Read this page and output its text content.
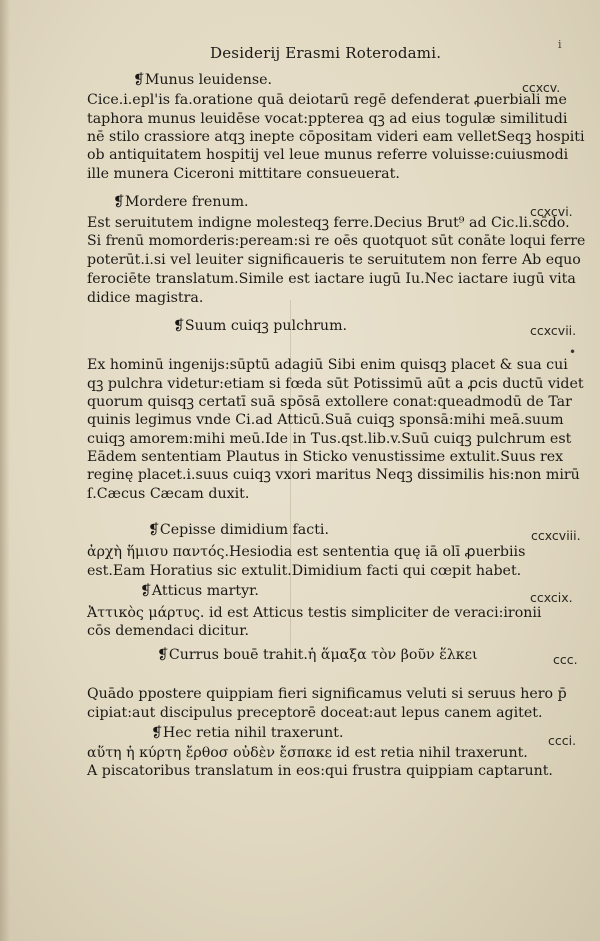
Desiderij Erasmi Roterodami.	i
❡Munus leuidense.	ccxcv.
Cice.i.epl'is fa.oratione quā deiotarū regē defenderat ꝓuerbiali me
taphora munus leuidēse vocat:ppterea qꝫ ad eius togulæ similitudi
nē stilo crassiore atqꝫ inepte cōpositam videri eam velletSeqꝫ hospiti
ob antiquitatem hospitij vel leue munus referre voluisse:cuiusmodi
ille munera Ciceroni mittitare consueuerat.
❡Mordere frenum.
ccxcvi.
Est seruitutem indigne molesteqꝫ ferre.Decius Brut⁹ ad Cic.li.sc̄do.
Si frenū momorderis:peream:si re oēs quotquot sūt conāte loqui ferre
poterūt.i.si vel leuiter significaueris te seruitutem non ferre Ab equo
ferociēte translatum.Simile est iactare iugū Iu.Nec iactare iugū vita
didice magistra.
❡Suum cuiqꝫ pulchrum.	ccxcvii.
•
Ex hominū ingenijs:sūptū adagiū Sibi enim quisqꝫ placet & sua cui
qꝫ pulchra videtur:etiam si fœda sūt Potissimū aūt a ꝓcis ductū videt
quorum quisqꝫ certatī suā spōsā extollere conat:queadmodū de Tar
quinis legimus vnde Ci.ad Atticū.Suā cuiqꝫ sponsā:mihi meā.suum
cuiqꝫ amorem:mihi meū.Ide in Tus.qst.lib.v.Suū cuiqꝫ pulchrum est
Eādem sententiam Plautus in Sticko venustissime extulit.Suus rex
reginę placet.i.suus cuiqꝫ vxori maritus Neqꝫ dissimilis his:non mirū
ſ.Cæcus Cæcam duxit.
❡Cepisse dimidium facti.	ccxcviii.
ἀρχὴ ἥμισυ παντός.Hesiodia est sententia quę iā olī ꝓuerbiis
est.Eam Horatius sic extulit.Dimidium facti qui cœpit habet.
❡Atticus martyr.	ccxcix.
Ἀττικὸς μάρτυς. id est Atticus testis simpliciter de veraci:ironii
cōs demendaci dicitur.
❡Currus bouē trahit.ἡ ἅμαξα τὸν βοῦν ἕλκει	ccc.
Quādo ppostere quippiam fieri significamus veluti si seruus hero p̄
cipiat:aut discipulus preceptorē doceat:aut lepus canem agitet.
❡Hec retia nihil traxerunt.	ccci.
αὕτη ἡ κύρτη ἔρθοσ οὐδὲν ἔσπακε id est retia nihil traxerunt.
A piscatoribus translatum in eos:qui frustra quippiam captarunt.
